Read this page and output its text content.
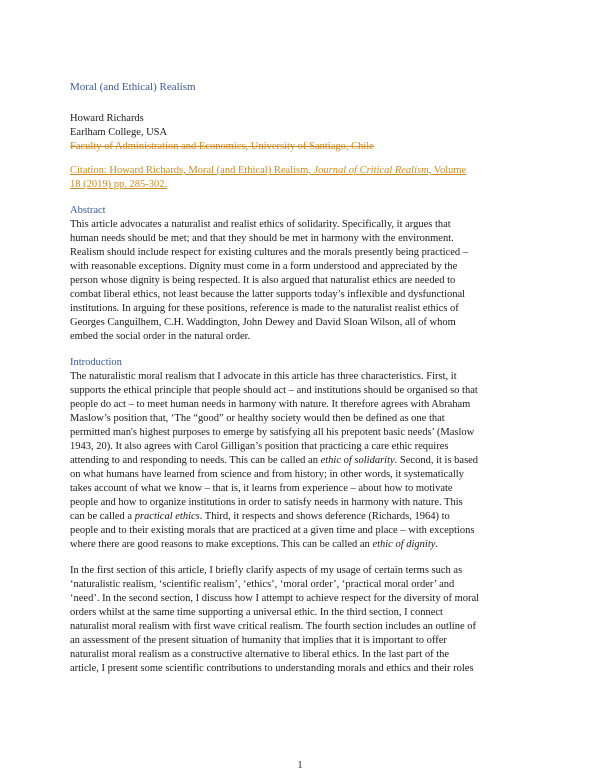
Moral (and Ethical) Realism
Howard Richards
Earlham College, USA
Faculty of Administration and Economics, University of Santiago, Chile
Citation: Howard Richards, Moral (and Ethical) Realism, Journal of Critical Realism, Volume
18 (2019) pp. 285-302.
Abstract
This article advocates a naturalist and realist ethics of solidarity. Specifically, it argues that
human needs should be met; and that they should be met in harmony with the environment.
Realism should include respect for existing cultures and the morals presently being practiced –
with reasonable exceptions. Dignity must come in a form understood and appreciated by the
person whose dignity is being respected. It is also argued that naturalist ethics are needed to
combat liberal ethics, not least because the latter supports today’s inflexible and dysfunctional
institutions. In arguing for these positions, reference is made to the naturalist realist ethics of
Georges Canguilhem, C.H. Waddington, John Dewey and David Sloan Wilson, all of whom
embed the social order in the natural order.
Introduction
The naturalistic moral realism that I advocate in this article has three characteristics. First, it
supports the ethical principle that people should act – and institutions should be organised so that
people do act – to meet human needs in harmony with nature. It therefore agrees with Abraham
Maslow’s position that, ‘The “good” or healthy society would then be defined as one that
permitted man's highest purposes to emerge by satisfying all his prepotent basic needs’ (Maslow
1943, 20). It also agrees with Carol Gilligan’s position that practicing a care ethic requires
attending to and responding to needs. This can be called an ethic of solidarity. Second, it is based
on what humans have learned from science and from history; in other words, it systematically
takes account of what we know – that is, it learns from experience – about how to motivate
people and how to organize institutions in order to satisfy needs in harmony with nature. This
can be called a practical ethics. Third, it respects and shows deference (Richards, 1964) to
people and to their existing morals that are practiced at a given time and place – with exceptions
where there are good reasons to make exceptions. This can be called an ethic of dignity.
In the first section of this article, I briefly clarify aspects of my usage of certain terms such as
‘naturalistic realism, ‘scientific realism’, ‘ethics’, ‘moral order’, ‘practical moral order’ and
‘need’. In the second section, I discuss how I attempt to achieve respect for the diversity of moral
orders whilst at the same time supporting a universal ethic. In the third section, I connect
naturalist moral realism with first wave critical realism. The fourth section includes an outline of
an assessment of the present situation of humanity that implies that it is important to offer
naturalist moral realism as a constructive alternative to liberal ethics. In the last part of the
article, I present some scientific contributions to understanding morals and ethics and their roles
1
